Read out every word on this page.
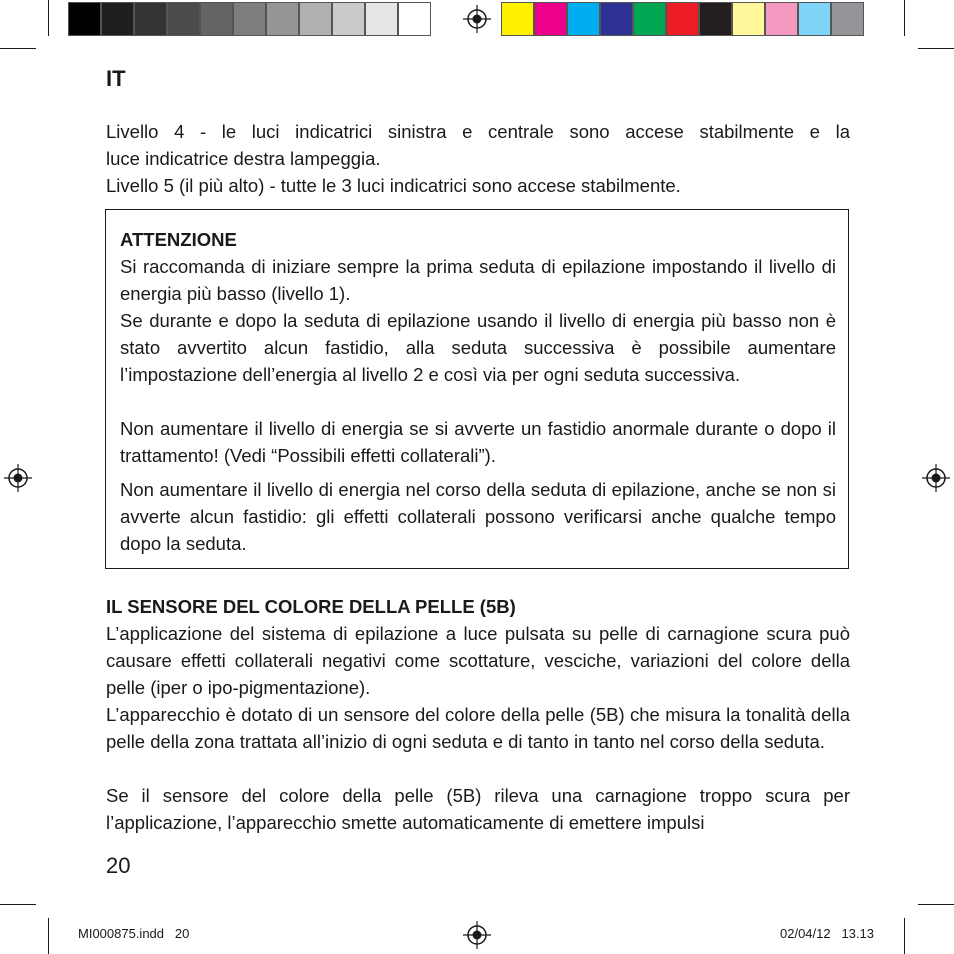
IT

Livello 4 - le luci indicatrici sinistra e centrale sono accese stabilmente e la

luce indicatrice destra lampeggia.

Livello 5 (il più alto) - tutte le 3 luci indicatrici sono accese stabilmente.

ATTENZIONE

Si raccomanda di iniziare sempre la prima seduta di epilazione impostando il livello di energia più basso (livello 1).

Se durante e dopo la seduta di epilazione usando il livello di energia più basso non è stato avvertito alcun fastidio, alla seduta successiva è possibile aumentare l’impostazione dell’energia al livello 2 e così via per ogni seduta successiva.

Non aumentare il livello di energia se si avverte un fastidio anormale durante o dopo il trattamento! (Vedi “Possibili effetti collaterali”).

Non aumentare il livello di energia nel corso della seduta di epilazione, anche se non si avverte alcun fastidio: gli effetti collaterali possono verificarsi anche qualche tempo dopo la seduta.

IL SENSORE DEL COLORE DELLA PELLE (5B)

L’applicazione del sistema di epilazione a luce pulsata su pelle di carnagione scura può causare effetti collaterali negativi come scottature, vesciche, variazioni del colore della pelle (iper o ipo-pigmentazione).

L’apparecchio è dotato di un sensore del colore della pelle (5B) che misura la tonalità della pelle della zona trattata all’inizio di ogni seduta e di tanto in tanto nel corso della seduta.

Se il sensore del colore della pelle (5B) rileva una carnagione troppo scura per l’applicazione, l’apparecchio smette automaticamente di emettere impulsi

20
MI000875.indd   20	02/04/12   13.13
